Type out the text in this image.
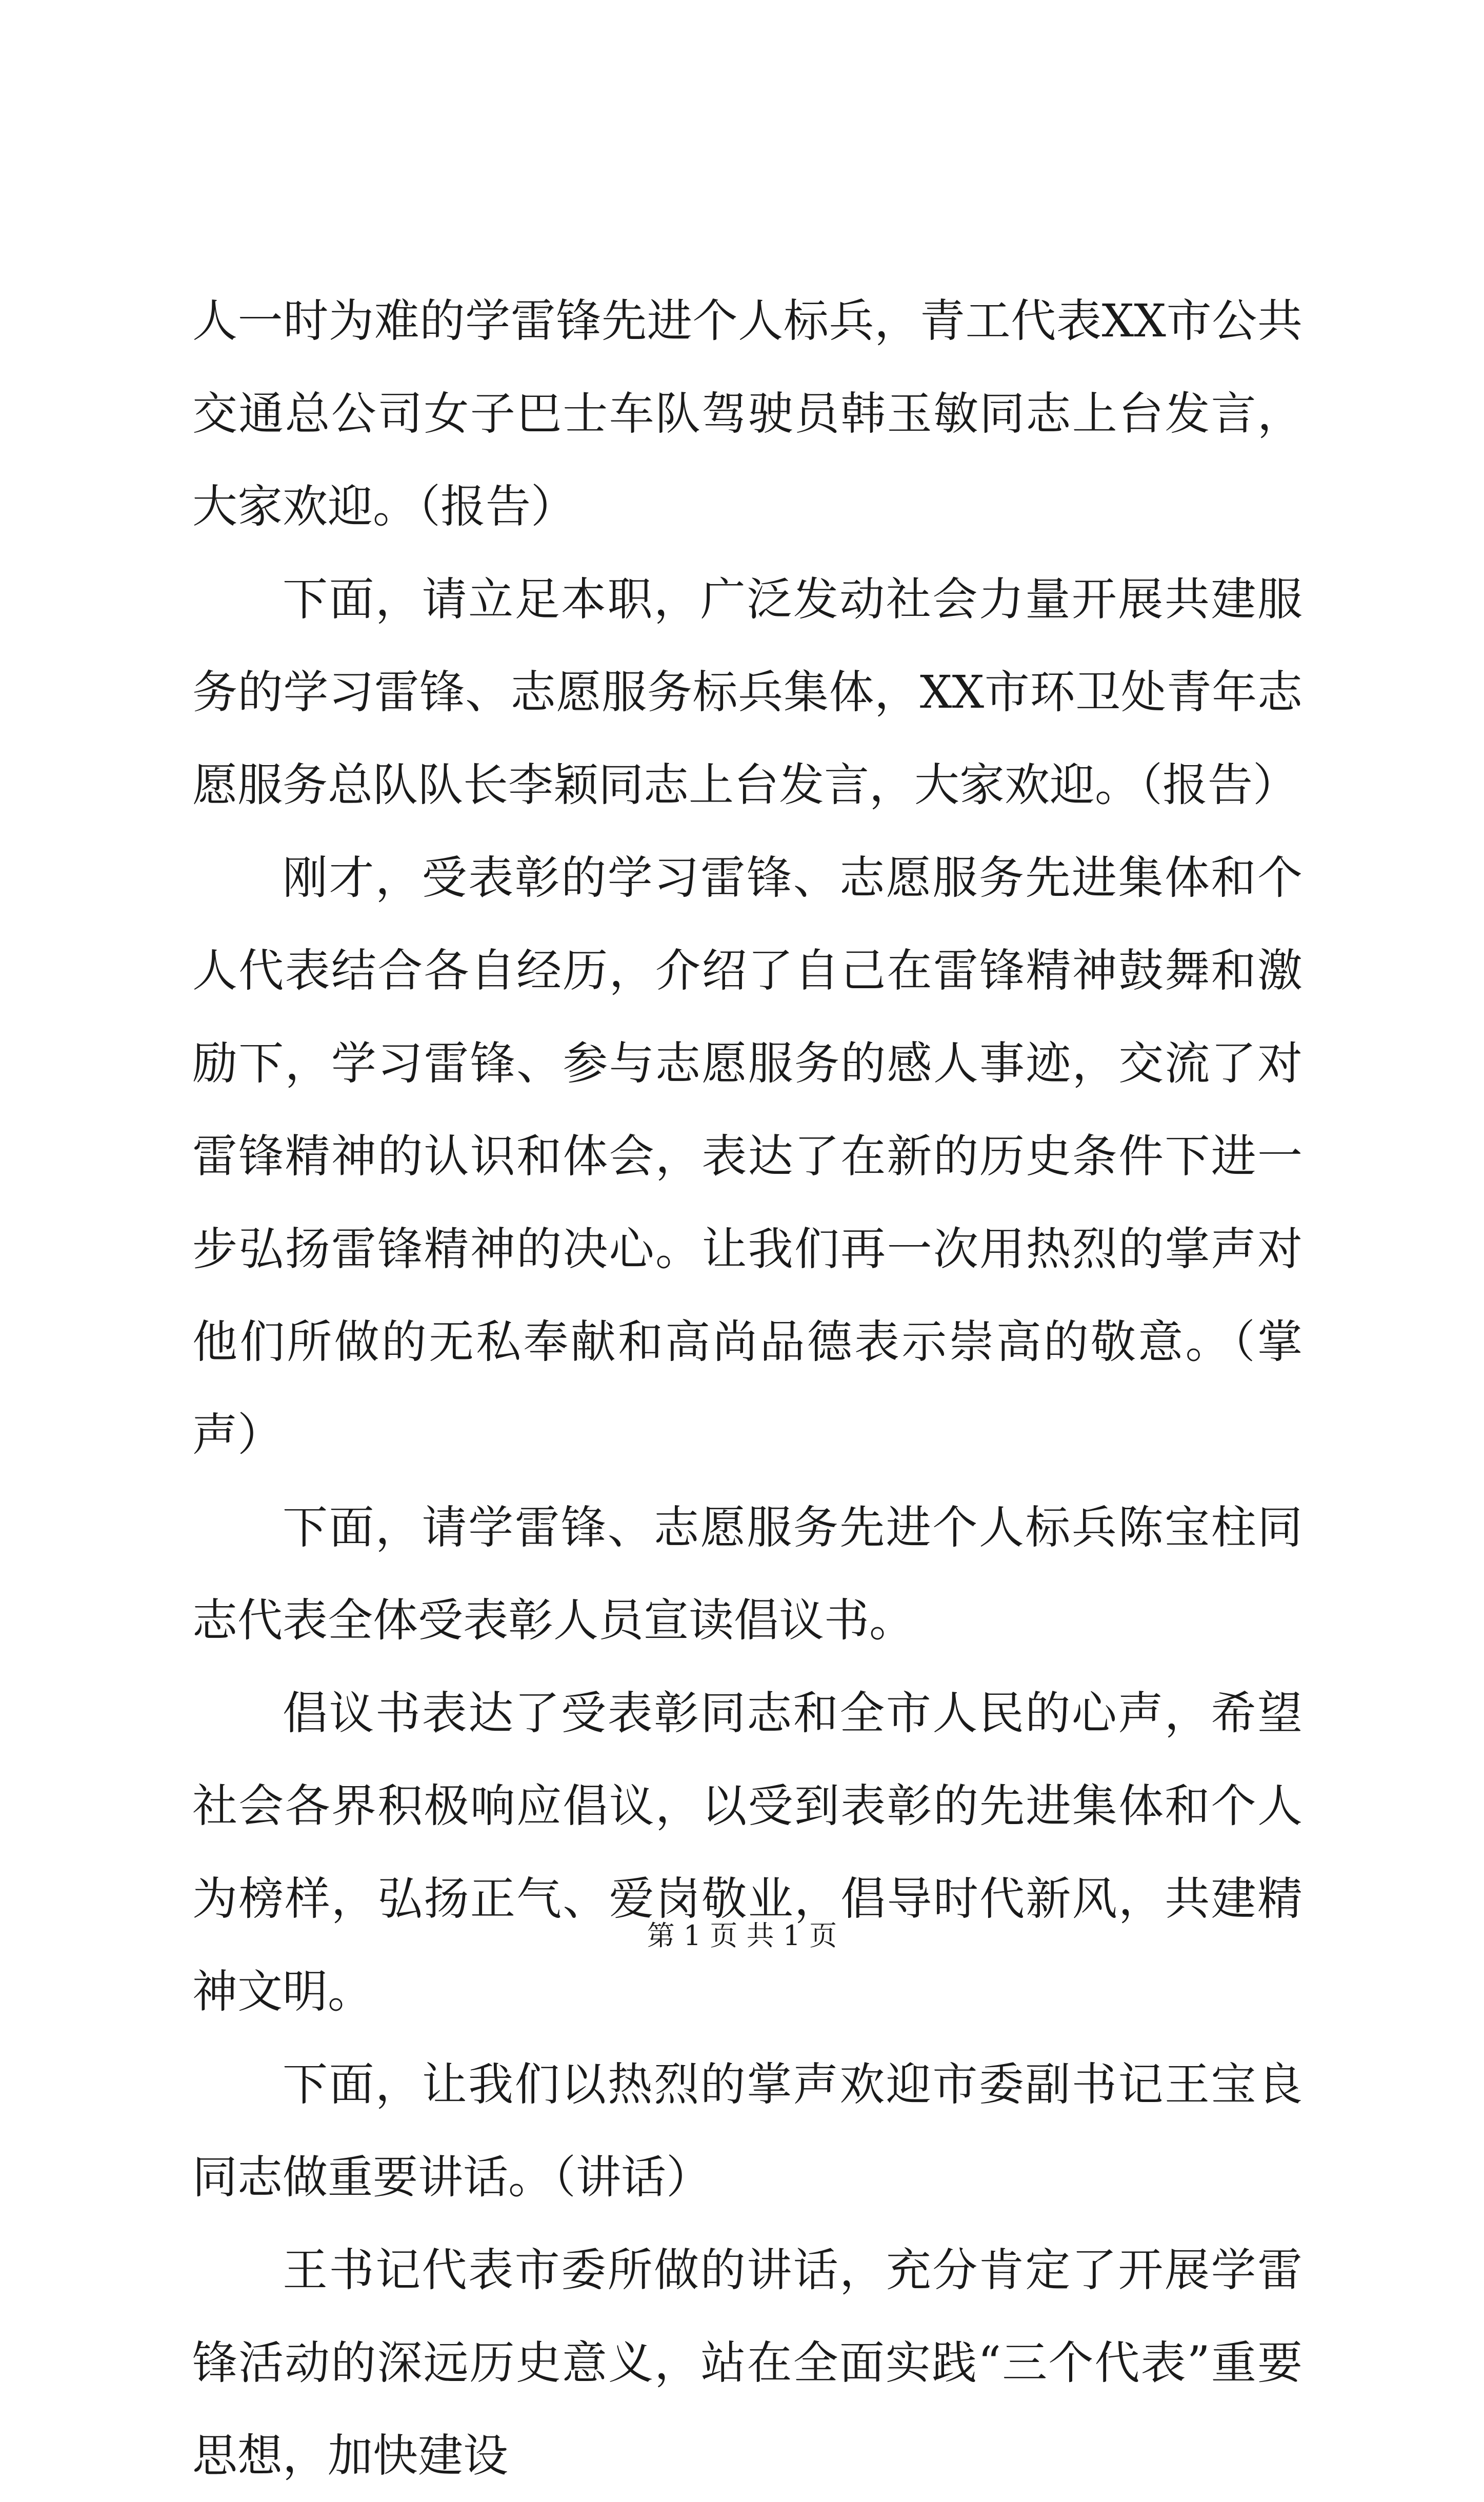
人一时为难的学雷锋先进个人标兵，青工代表XX市公共交通总公司女子巴士车队驾驶员韩玉敏同志上台发言，大家欢迎。（报告）

下面，请立足本职，广泛发动社会力量开展共建服务的学习雷锋、志愿服务标兵集体，XX市环卫处青年志愿服务总队队长李颖同志上台发言，大家欢迎。（报告）

刚才，受表彰的学习雷锋、志愿服务先进集体和个人代表结合各自经历，介绍了自己在雷锋精神鼓舞和激励下，学习雷锋、参与志愿服务的感人事迹，交流了对雷锋精神的认识和体会，表达了在新的历史条件下进一步弘扬雷锋精神的决心。让我们再一次用热烈的掌声对他们所做的无私奉献和高尚品德表示崇高的敬意。（掌声）

下面，请学雷锋、志愿服务先进个人标兵陈宝柱同志代表全体受表彰人员宣读倡议书。

倡议书表达了受表彰同志和全市人民的心声，希望社会各界积极响应倡议，以受到表彰的先进集体和个人为榜样，弘扬正气、爱岗敬业，倡导时代新风，共建精神文明。

下面，让我们以热烈的掌声欢迎市委副书记王宝良同志做重要讲话。（讲话）

王书记代表市委所做的讲话，充分肯定了开展学雷锋活动的深远历史意义，站在全面实践“三个代表”重要思想，加快建设

第 1 页 共 1 页
